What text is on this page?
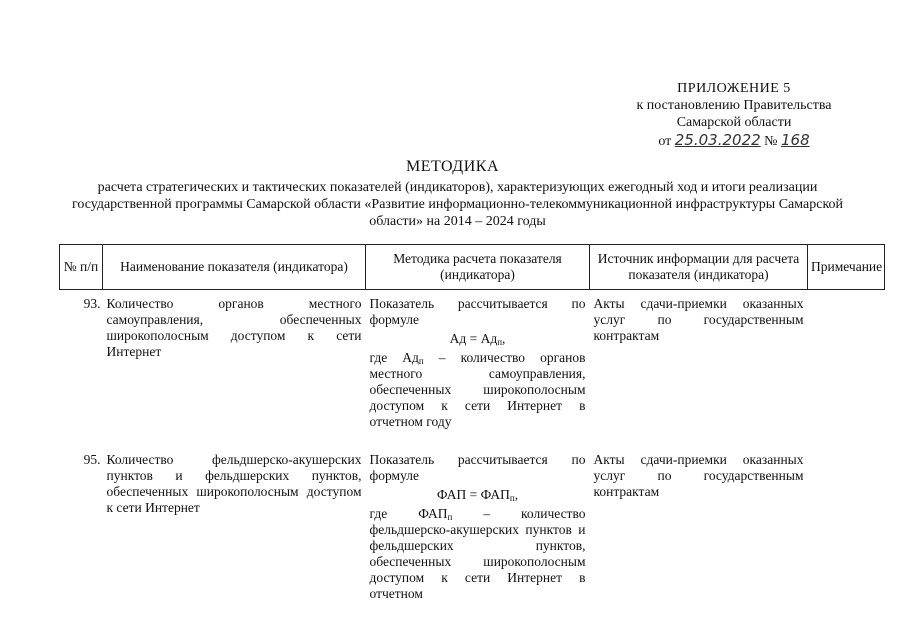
ПРИЛОЖЕНИЕ 5
к постановлению Правительства
Самарской области
от 25.03.2022 № 168
МЕТОДИКА
расчета стратегических и тактических показателей (индикаторов), характеризующих ежегодный ход и итоги реализации государственной программы Самарской области «Развитие информационно-телекоммуникационной инфраструктуры Самарской области» на 2014 – 2024 годы
№ п/п	Наименование показателя (индикатора)	Методика расчета показателя (индикатора)	Источник информации для расчета показателя (индикатора)	Примечание

93.	Количество органов местного самоуправления, обеспеченных широкополосным доступом к сети Интернет	Показатель рассчитывается по формуле
Ад = $Ад_п$,
где $Ад_п$ – количество органов местного самоуправления, обеспеченных широкополосным доступом к сети Интернет в отчетном году	Акты сдачи-приемки оказанных услуг по государственным контрактам	

95.	Количество фельдшерско-акушерских пунктов и фельдшерских пунктов, обеспеченных широкополосным доступом к сети Интернет	Показатель рассчитывается по формуле
ФАП = $ФАП_п$,
где $ФАП_п$ – количество фельдшерско-акушерских пунктов и фельдшерских пунктов, обеспеченных широкополосным доступом к сети Интернет в отчетном	Акты сдачи-приемки оказанных услуг по государственным контрактам	
